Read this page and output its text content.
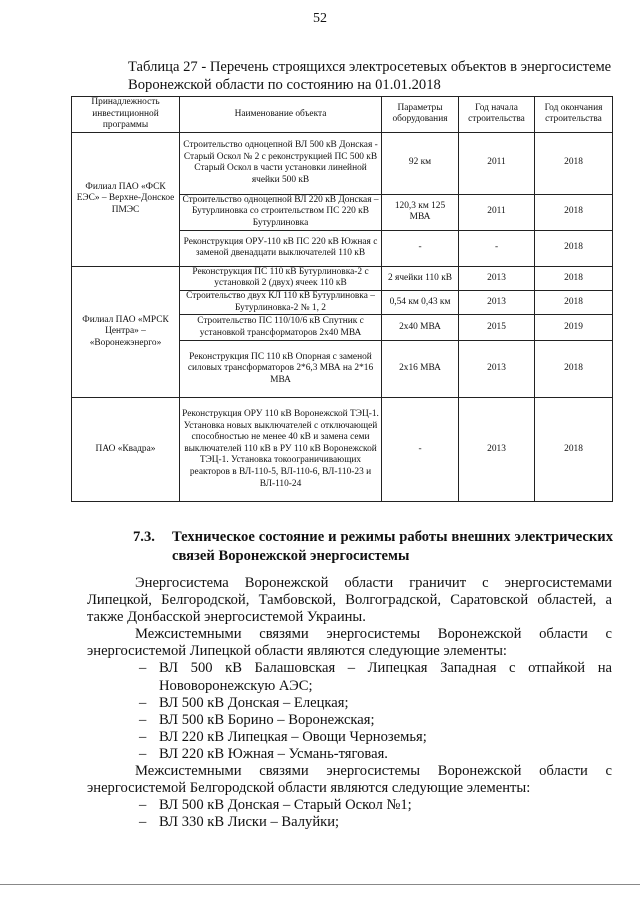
52
Таблица 27 - Перечень строящихся электросетевых объектов в энергосистеме Воронежской области по состоянию на 01.01.2018
Принадлежность инвестиционной программы	Наименование объекта	Параметры оборудования	Год начала строительства	Год окончания строительства
Филиал ПАО «ФСК ЕЭС» – Верхне-Донское ПМЭС	Строительство одноцепной ВЛ 500 кВ Донская - Старый Оскол № 2 с реконструкцией ПС 500 кВ Старый Оскол в части установки линейной ячейки 500 кВ	92 км	2011	2018
	Строительство одноцепной ВЛ 220 кВ Донская – Бутурлиновка со строительством ПС 220 кВ Бутурлиновка	120,3 км 125 МВА	2011	2018
	Реконструкция ОРУ-110 кВ ПС 220 кВ Южная с заменой двенадцати выключателей 110 кВ	-	-	2018
Филиал ПАО «МРСК Центра» – «Воронежэнерго»	Реконструкция ПС 110 кВ Бутурлиновка-2 с установкой 2 (двух) ячеек 110 кВ	2 ячейки 110 кВ	2013	2018
	Строительство двух КЛ 110 кВ Бутурлиновка – Бутурлиновка-2 № 1, 2	0,54 км 0,43 км	2013	2018
	Строительство ПС 110/10/6 кВ Спутник с установкой трансформаторов 2х40 МВА	2х40 МВА	2015	2019
	Реконструкция ПС 110 кВ Опорная с заменой силовых трансформаторов 2*6,3 МВА на 2*16 МВА	2х16 МВА	2013	2018
ПАО «Квадра»	Реконструкция ОРУ 110 кВ Воронежской ТЭЦ-1. Установка новых выключателей с отключающей способностью не менее 40 кВ и замена семи выключателей 110 кВ в РУ 110 кВ Воронежской ТЭЦ-1. Установка токоограничивающих реакторов в ВЛ-110-5, ВЛ-110-6, ВЛ-110-23 и ВЛ-110-24	-	2013	2018
7.3. Техническое состояние и режимы работы внешних электрических связей Воронежской энергосистемы

Энергосистема Воронежской области граничит с энергосистемами Липецкой, Белгородской, Тамбовской, Волгоградской, Саратовской областей, а также Донбасской энергосистемой Украины.

Межсистемными связями энергосистемы Воронежской области с энергосистемой Липецкой области являются следующие элементы:

– ВЛ 500 кВ Балашовская – Липецкая Западная с отпайкой на Нововоронежскую АЭС;
– ВЛ 500 кВ Донская – Елецкая;
– ВЛ 500 кВ Борино – Воронежская;
– ВЛ 220 кВ Липецкая – Овощи Черноземья;
– ВЛ 220 кВ Южная – Усмань-тяговая.

Межсистемными связями энергосистемы Воронежской области с энергосистемой Белгородской области являются следующие элементы:

– ВЛ 500 кВ Донская – Старый Оскол №1;
– ВЛ 330 кВ Лиски – Валуйки;
